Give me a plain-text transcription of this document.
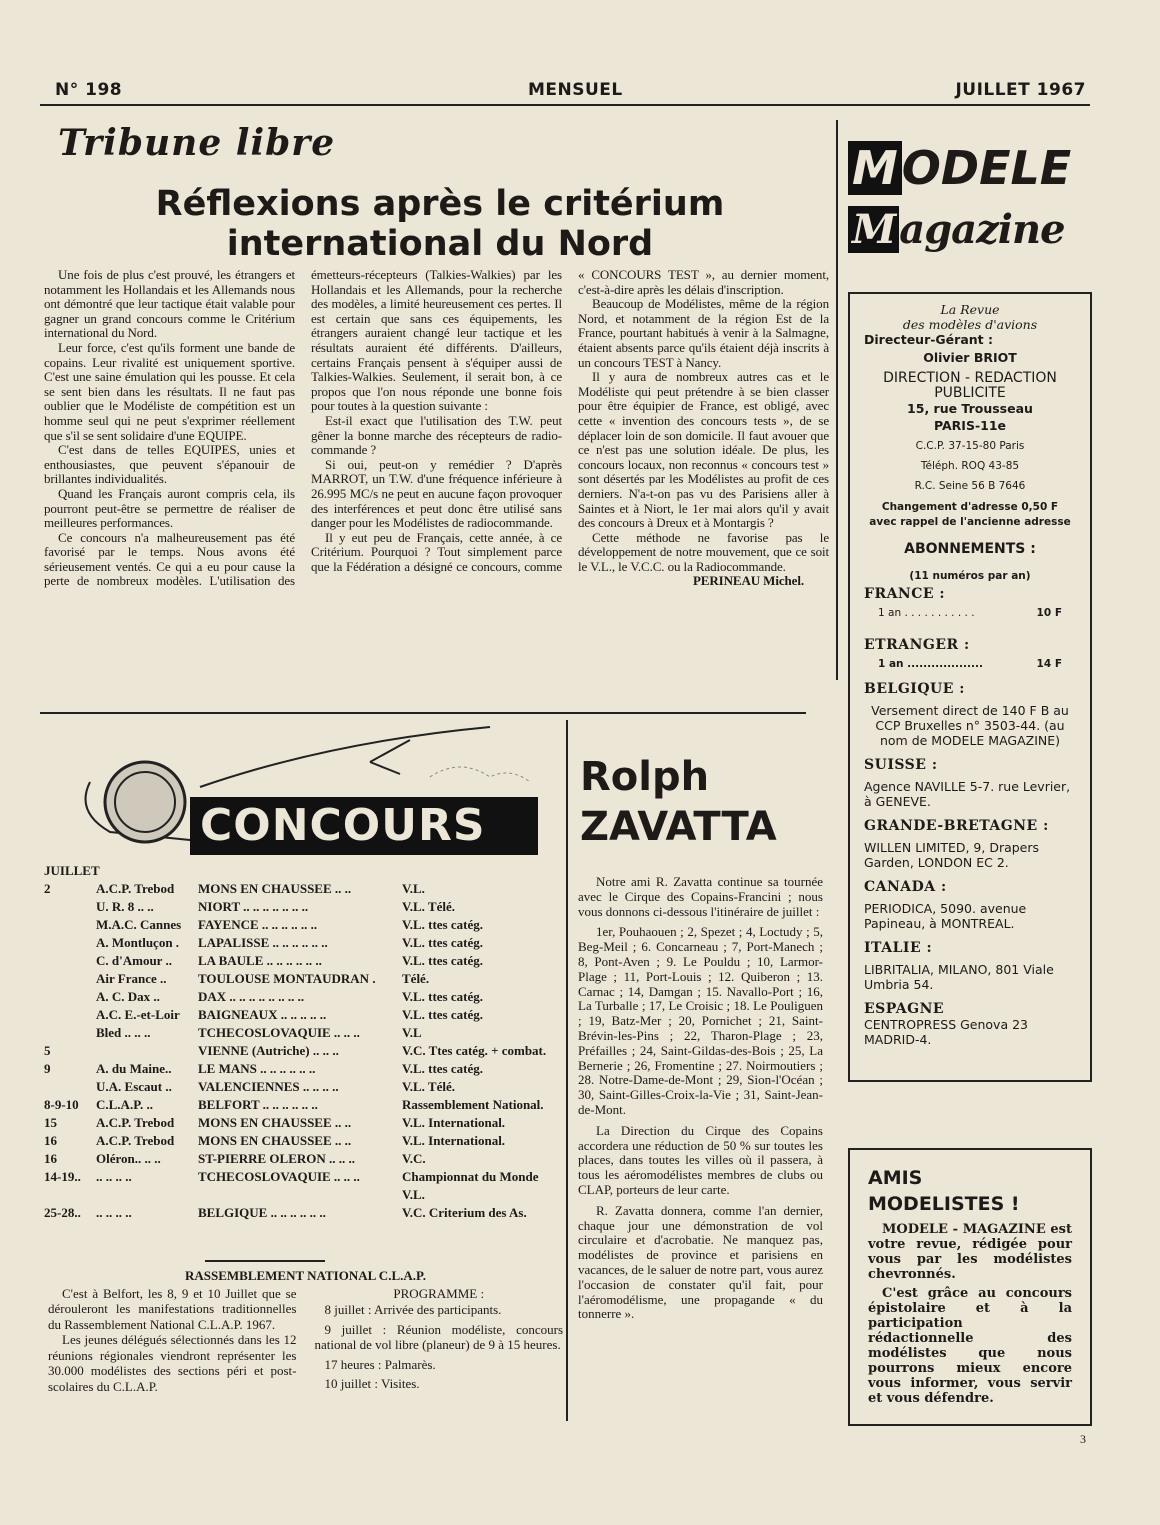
N° 198	MENSUEL	JUILLET 1967
Tribune libre
Réflexions après le critérium
international du Nord

Une fois de plus c'est prouvé, les étrangers et notamment les Hollandais et les Allemands nous ont démontré que leur tactique était valable pour gagner un grand concours comme le Critérium international du Nord.

Leur force, c'est qu'ils forment une bande de copains. Leur rivalité est uniquement sportive. C'est une saine émulation qui les pousse. Et cela se sent bien dans les résultats. Il ne faut pas oublier que le Modéliste de compétition est un homme seul qui ne peut s'exprimer réellement que s'il se sent solidaire d'une EQUIPE.

C'est dans de telles EQUIPES, unies et enthousiastes, que peuvent s'épanouir de brillantes individualités.

Quand les Français auront compris cela, ils pourront peut-être se permettre de réaliser de meilleures performances.

Ce concours n'a malheureusement pas été favorisé par le temps. Nous avons été sérieusement ventés. Ce qui a eu pour cause la perte de nombreux modèles. L'utilisation des émetteurs-récepteurs (Talkies-Walkies) par les Hollandais et les Allemands, pour la recherche des modèles, a limité heureusement ces pertes. Il est certain que sans ces équipements, les étrangers auraient changé leur tactique et les résultats auraient été différents. D'ailleurs, certains Français pensent à s'équiper aussi de Talkies-Walkies. Seulement, il serait bon, à ce propos que l'on nous réponde une bonne fois pour toutes à la question suivante :

Est-il exact que l'utilisation des T.W. peut gêner la bonne marche des récepteurs de radio-commande ?

Si oui, peut-on y remédier ? D'après MARROT, un T.W. d'une fréquence inférieure à 26.995 MC/s ne peut en aucune façon provoquer des interférences et peut donc être utilisé sans danger pour les Modélistes de radiocommande.

Il y eut peu de Français, cette année, à ce Critérium. Pourquoi ? Tout simplement parce que la Fédération a désigné ce concours, comme « CONCOURS TEST », au dernier moment, c'est-à-dire après les délais d'inscription.

Beaucoup de Modélistes, même de la région Nord, et notamment de la région Est de la France, pourtant habitués à venir à la Salmagne, étaient absents parce qu'ils étaient déjà inscrits à un concours TEST à Nancy.

Il y aura de nombreux autres cas et le Modéliste qui peut prétendre à se bien classer pour être équipier de France, est obligé, avec cette « invention des concours tests », de se déplacer loin de son domicile. Il faut avouer que ce n'est pas une solution idéale. De plus, les concours locaux, non reconnus « concours test » sont désertés par les Modélistes au profit de ces derniers. N'a-t-on pas vu des Parisiens aller à Saintes et à Niort, le 1er mai alors qu'il y avait des concours à Dreux et à Montargis ?

Cette méthode ne favorise pas le développement de notre mouvement, que ce soit le V.L., le V.C.C. ou la Radiocommande.

PERINEAU Michel.

MODELE
Magazine
La Revue
des modèles d'avions
Directeur-Gérant :
Olivier BRIOT
DIRECTION - REDACTION
PUBLICITE
15, rue Trousseau
PARIS-11e
C.C.P. 37-15-80 Paris
Téléph. ROQ 43-85
R.C. Seine 56 B 7646
Changement d'adresse 0,50 F
avec rappel de l'ancienne adresse
ABONNEMENTS :
(11 numéros par an)
FRANCE :
1 an . . . . . . . . . . .	10 F
ETRANGER :
1 an ...................	14 F
BELGIQUE :
Versement direct de 140 F B au CCP Bruxelles n° 3503-44. (au nom de MODELE MAGAZINE)
SUISSE :
Agence NAVILLE 5-7. rue Levrier, à GENEVE.
GRANDE-BRETAGNE :
WILLEN LIMITED, 9, Drapers Garden, LONDON EC 2.
CANADA :
PERIODICA, 5090. avenue Papineau, à MONTREAL.
ITALIE :
LIBRITALIA, MILANO, 801 Viale Umbria 54.
ESPAGNE
CENTROPRESS Genova 23 MADRID-4.
AMIS
MODELISTES !

MODELE - MAGAZINE est votre revue, rédigée pour vous par les modélistes chevronnés.

C'est grâce au concours épistolaire et à la participation rédactionnelle des modélistes que nous pourrons mieux encore vous informer, vous servir et vous défendre.

CONCOURS
JUILLET
2	A.C.P. Trebod	MONS EN CHAUSSEE .. ..	V.L.
U. R. 8 .. ..	NIORT .. .. .. .. .. .. ..	V.L. Télé.
M.A.C. Cannes	FAYENCE .. .. .. .. .. ..	V.L. ttes catég.
A. Montluçon .	LAPALISSE .. .. .. .. .. ..	V.L. ttes catég.
C. d'Amour ..	LA BAULE .. .. .. .. .. ..	V.L. ttes catég.
Air France ..	TOULOUSE MONTAUDRAN .	Télé.
A. C. Dax ..	DAX .. .. .. .. .. .. .. ..	V.L. ttes catég.
A.C. E.-et-Loir	BAIGNEAUX .. .. .. .. ..	V.L. ttes catég.
Bled .. .. ..	TCHECOSLOVAQUIE .. .. ..	V.L
5	VIENNE (Autriche) .. .. ..	V.C. Ttes catég. + combat.
9	A. du Maine..	LE MANS .. .. .. .. .. ..	V.L. ttes catég.
U.A. Escaut ..	VALENCIENNES .. .. .. ..	V.L. Télé.
8-9-10	C.L.A.P. ..	BELFORT .. .. .. .. .. ..	Rassemblement National.
15	A.C.P. Trebod	MONS EN CHAUSSEE .. ..	V.L. International.
16	A.C.P. Trebod	MONS EN CHAUSSEE .. ..	V.L. International.
16	Oléron.. .. ..	ST-PIERRE OLERON .. .. ..	V.C.
14-19..	.. .. .. ..	TCHECOSLOVAQUIE .. .. ..	Championnat du Monde V.L.
25-28..	.. .. .. ..	BELGIQUE .. .. .. .. .. ..	V.C. Criterium des As.
RASSEMBLEMENT NATIONAL C.L.A.P.

C'est à Belfort, les 8, 9 et 10 Juillet que se dérouleront les manifestations traditionnelles du Rassemblement National C.L.A.P. 1967.

Les jeunes délégués sélectionnés dans les 12 réunions régionales viendront représenter les 30.000 modélistes des sections péri et post-scolaires du C.L.A.P.

PROGRAMME :

8 juillet : Arrivée des participants.

9 juillet : Réunion modéliste, concours national de vol libre (planeur) de 9 à 15 heures.

17 heures : Palmarès.

10 juillet : Visites.

Rolph
ZAVATTA

Notre ami R. Zavatta continue sa tournée avec le Cirque des Copains-Francini ; nous vous donnons ci-dessous l'itinéraire de juillet :

1er, Pouhaouen ; 2, Spezet ; 4, Loctudy ; 5, Beg-Meil ; 6. Concarneau ; 7, Port-Manech ; 8, Pont-Aven ; 9. Le Pouldu ; 10, Larmor-Plage ; 11, Port-Louis ; 12. Quiberon ; 13. Carnac ; 14, Damgan ; 15. Navallo-Port ; 16, La Turballe ; 17, Le Croisic ; 18. Le Pouliguen ; 19, Batz-Mer ; 20, Pornichet ; 21, Saint-Brévin-les-Pins ; 22, Tharon-Plage ; 23, Préfailles ; 24, Saint-Gildas-des-Bois ; 25, La Bernerie ; 26, Fromentine ; 27. Noirmoutiers ; 28. Notre-Dame-de-Mont ; 29, Sion-l'Océan ; 30, Saint-Gilles-Croix-la-Vie ; 31, Saint-Jean-de-Mont.

La Direction du Cirque des Copains accordera une réduction de 50 % sur toutes les places, dans toutes les villes où il passera, à tous les aéromodélistes membres de clubs ou CLAP, porteurs de leur carte.

R. Zavatta donnera, comme l'an dernier, chaque jour une démonstration de vol circulaire et d'acrobatie. Ne manquez pas, modélistes de province et parisiens en vacances, de le saluer de notre part, vous aurez l'occasion de constater qu'il fait, pour l'aéromodélisme, une propagande « du tonnerre ».

3
